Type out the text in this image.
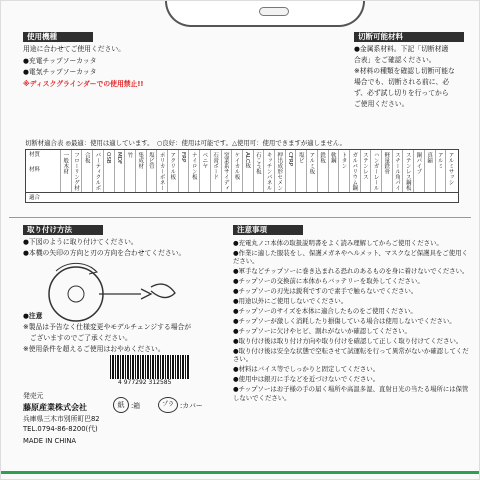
使用機種
用途に合わせてご使用ください。
●充電チップソーカッタ
●電気チップソーカッタ
※ディスクグラインダーでの使用禁止!!
切断可能材料
●金属系材料。下記「切断材適
合表」をご確認ください。
※材料の種類を確認し切断可能な
場合でも、切断される前に、必
ず、必ず試し切りを行ってから
ご使用ください。
切断材適合表 ◎最適：使用は適しています。　○良好：使用は可能です。△使用可：使用できますが適しません。
材質
材料
適合
一般木材 フローリング材 合板 パーティクルボ
OSB MDF 竹 集成材 塩ビ管 ポリカーボネー
アクリル板 FRP ナイロン板 ベニヤ 石膏ボード 窯業系サイディ
ケイカル板 ALC板 石こう板 キッチンパネル 押出成形セメン
CFRP 塩ビ アルミ板 鉄板 軟鋼 トタン ガルバリウム鋼
ステンレス ハンガーレール 軽量鉄骨 スチール角パイ ステンレス鋼板 銅パイプ 真鍮 アルミ アルミサッシ
取り付け方法
●下図のように取り付けてください。
●本機の矢印の方向と刃の方向を合わせてください。
●注意
※製品は予告なく仕様変更やモデルチェンジする場合が
　ございますのでご了承ください。
※使用条件を超えるご使用はおやめください。
4 977292 312585
発売元
藤原産業株式会社
兵庫県三木市別所町巴82
TEL.0794-86-8200(代)
MADE IN CHINA
紙 :箱	プラ :カバー
注意事項
●充電丸ノコ本体の取扱説明書をよく読み理解してからご使用ください。
●作業に適した服装をし、保護メガネやヘルメット、マスクなど保護具をご使用ください。
●軍手などチップソーに巻き込まれる恐れのあるものを身に着けないでください。
●チップソーの交換前に本体からバッテリーを取外してください。
●チップソーの刃先は鋭利ですので素手で触らないでください。
●用途以外にご使用しないでください。
●チップソーのサイズを本体に適合したものをご使用ください。
●チップソーが激しく消耗したり損傷している場合は使用しないでください。
●チップソーに欠けやヒビ、割れがないか確認してください。
●取り付け後は取り付け方向や取り付けを確認して正しく取り付けてください。
●取り付け後は安全な状態で空転させて試運転を行って異常がないか確認してください。
●材料はバイス等でしっかりと固定してください。
●使用中は銀刃に手などを近づけないでください。
●チップソーはお子様の手の届く場所や高温多湿、直射日光の当たる場所には保管しないでください。
